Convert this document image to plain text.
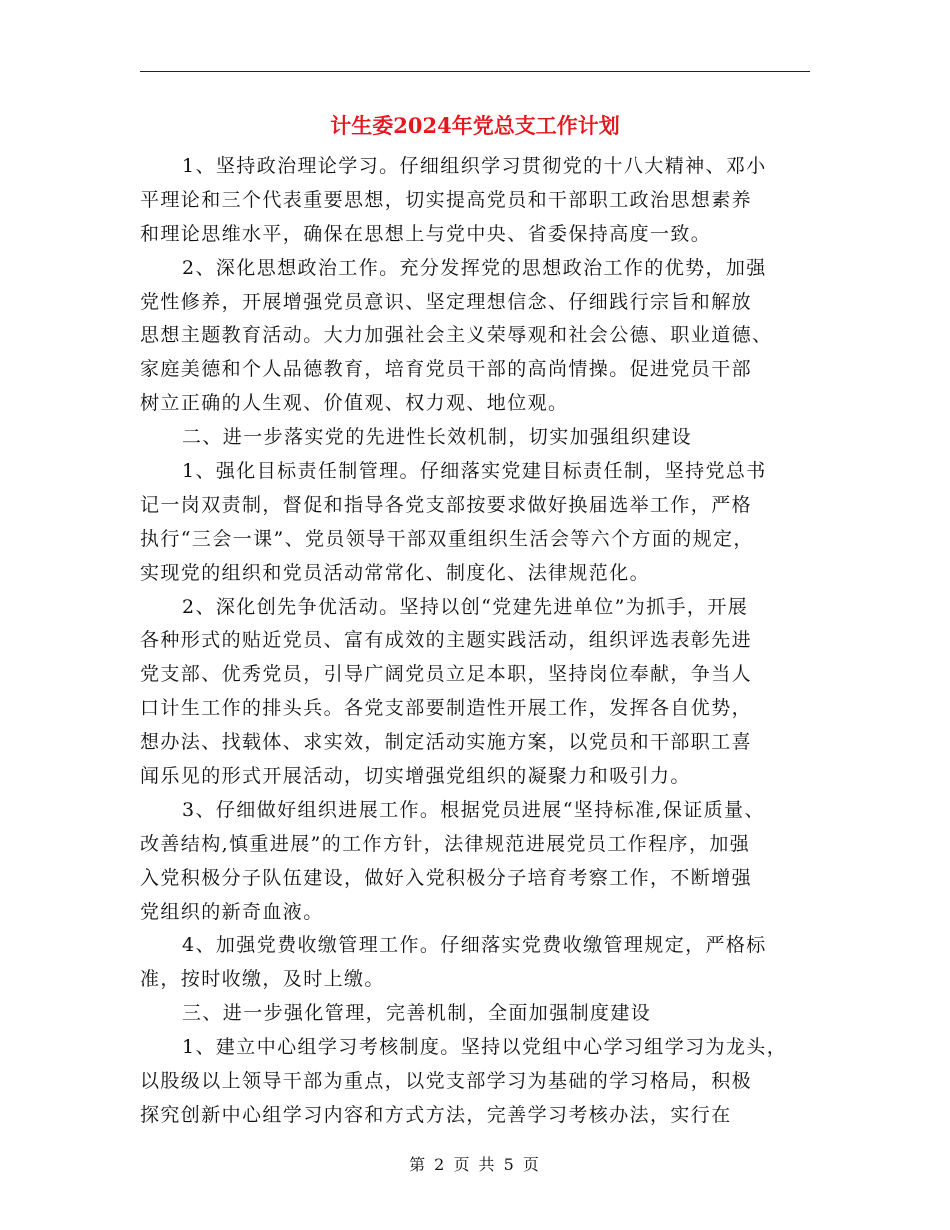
计生委2024年党总支工作计划
1、坚持政治理论学习。仔细组织学习贯彻党的十八大精神、邓小
平理论和三个代表重要思想，切实提高党员和干部职工政治思想素养
和理论思维水平，确保在思想上与党中央、省委保持高度一致。
2、深化思想政治工作。充分发挥党的思想政治工作的优势，加强
党性修养，开展增强党员意识、坚定理想信念、仔细践行宗旨和解放
思想主题教育活动。大力加强社会主义荣辱观和社会公德、职业道德、
家庭美德和个人品德教育，培育党员干部的高尚情操。促进党员干部
树立正确的人生观、价值观、权力观、地位观。
二、进一步落实党的先进性长效机制，切实加强组织建设
1、强化目标责任制管理。仔细落实党建目标责任制，坚持党总书
记一岗双责制，督促和指导各党支部按要求做好换届选举工作，严格
执行“三会一课”、党员领导干部双重组织生活会等六个方面的规定，
实现党的组织和党员活动常常化、制度化、法律规范化。
2、深化创先争优活动。坚持以创“党建先进单位”为抓手，开展
各种形式的贴近党员、富有成效的主题实践活动，组织评选表彰先进
党支部、优秀党员，引导广阔党员立足本职，坚持岗位奉献，争当人
口计生工作的排头兵。各党支部要制造性开展工作，发挥各自优势，
想办法、找载体、求实效，制定活动实施方案，以党员和干部职工喜
闻乐见的形式开展活动，切实增强党组织的凝聚力和吸引力。
3、仔细做好组织进展工作。根据党员进展“坚持标准,保证质量、
改善结构,慎重进展”的工作方针，法律规范进展党员工作程序，加强
入党积极分子队伍建设，做好入党积极分子培育考察工作，不断增强
党组织的新奇血液。
4、加强党费收缴管理工作。仔细落实党费收缴管理规定，严格标
准，按时收缴，及时上缴。
三、进一步强化管理，完善机制，全面加强制度建设
1、建立中心组学习考核制度。坚持以党组中心学习组学习为龙头，
以股级以上领导干部为重点，以党支部学习为基础的学习格局，积极
探究创新中心组学习内容和方式方法，完善学习考核办法，实行在
第 2 页 共 5 页
